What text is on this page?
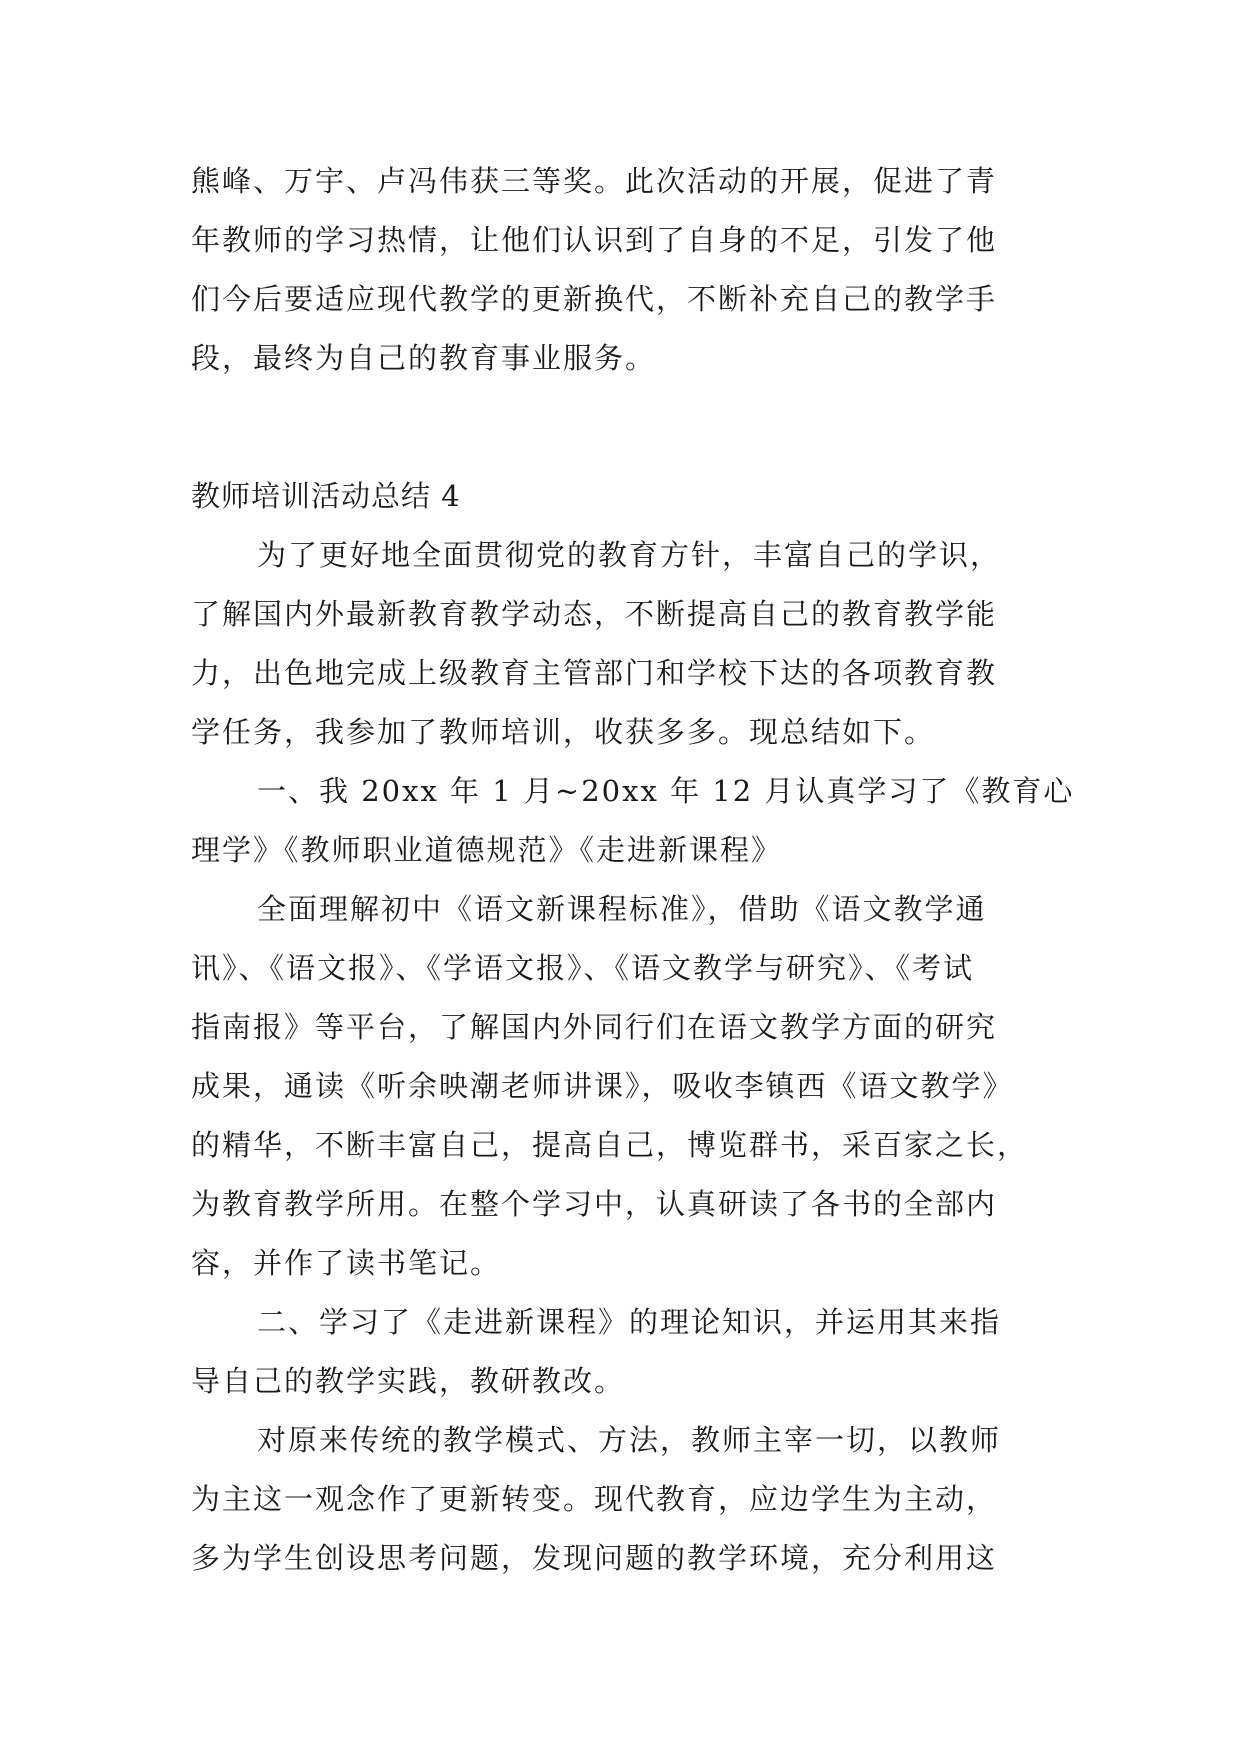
熊峰、万宇、卢冯伟获三等奖。此次活动的开展，促进了青
年教师的学习热情，让他们认识到了自身的不足，引发了他
们今后要适应现代教学的更新换代，不断补充自己的教学手
段，最终为自己的教育事业服务。
教师培训活动总结 4
为了更好地全面贯彻党的教育方针，丰富自己的学识，
了解国内外最新教育教学动态，不断提高自己的教育教学能
力，出色地完成上级教育主管部门和学校下达的各项教育教
学任务，我参加了教师培训，收获多多。现总结如下。
一、我 20xx 年 1 月~20xx 年 12 月认真学习了《教育心
理学》《教师职业道德规范》《走进新课程》
全面理解初中《语文新课程标准》，借助《语文教学通
讯》、《语文报》、《学语文报》、《语文教学与研究》、《考试
指南报》等平台，了解国内外同行们在语文教学方面的研究
成果，通读《听余映潮老师讲课》，吸收李镇西《语文教学》
的精华，不断丰富自己，提高自己，博览群书，采百家之长，
为教育教学所用。在整个学习中，认真研读了各书的全部内
容，并作了读书笔记。
二、学习了《走进新课程》的理论知识，并运用其来指
导自己的教学实践，教研教改。
对原来传统的教学模式、方法，教师主宰一切，以教师
为主这一观念作了更新转变。现代教育，应边学生为主动，
多为学生创设思考问题，发现问题的教学环境，充分利用这
